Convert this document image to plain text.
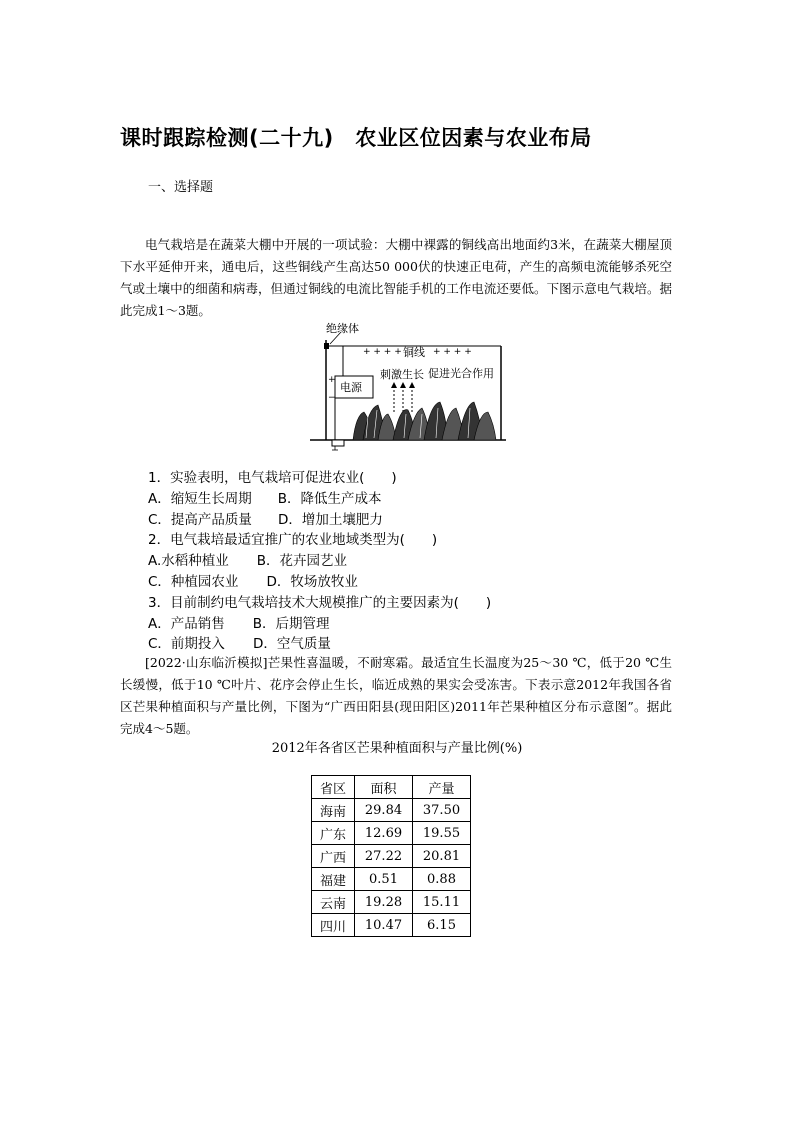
课时跟踪检测(二十九)　农业区位因素与农业布局
一、选择题
电气栽培是在蔬菜大棚中开展的一项试验：大棚中裸露的铜线高出地面约3米，在蔬菜大棚屋顶下水平延伸开来，通电后，这些铜线产生高达50 000伏的快速正电荷，产生的高频电流能够杀死空气或土壤中的细菌和病毒，但通过铜线的电流比智能手机的工作电流还要低。下图示意电气栽培。据此完成1～3题。
绝缘体
+ + + + 铜线 + + + +
电源
+
−
刺激生长 促进光合作用
1．实验表明，电气栽培可促进农业(　　)
A．缩短生长周期 B．降低生产成本
C．提高产品质量 D．增加土壤肥力
2．电气栽培最适宜推广的农业地域类型为(　　)
A.水稻种植业 B．花卉园艺业
C．种植园农业 D．牧场放牧业
3．目前制约电气栽培技术大规模推广的主要因素为(　　)
A．产品销售 B．后期管理
C．前期投入 D．空气质量
[2022·山东临沂模拟]芒果性喜温暖，不耐寒霜。最适宜生长温度为25～30 ℃，低于20 ℃生长缓慢，低于10 ℃叶片、花序会停止生长，临近成熟的果实会受冻害。下表示意2012年我国各省区芒果种植面积与产量比例，下图为“广西田阳县(现田阳区)2011年芒果种植区分布示意图”。据此完成4～5题。
2012年各省区芒果种植面积与产量比例(%)
省区	面积	产量
海南	29.84	37.50
广东	12.69	19.55
广西	27.22	20.81
福建	0.51	0.88
云南	19.28	15.11
四川	10.47	6.15
